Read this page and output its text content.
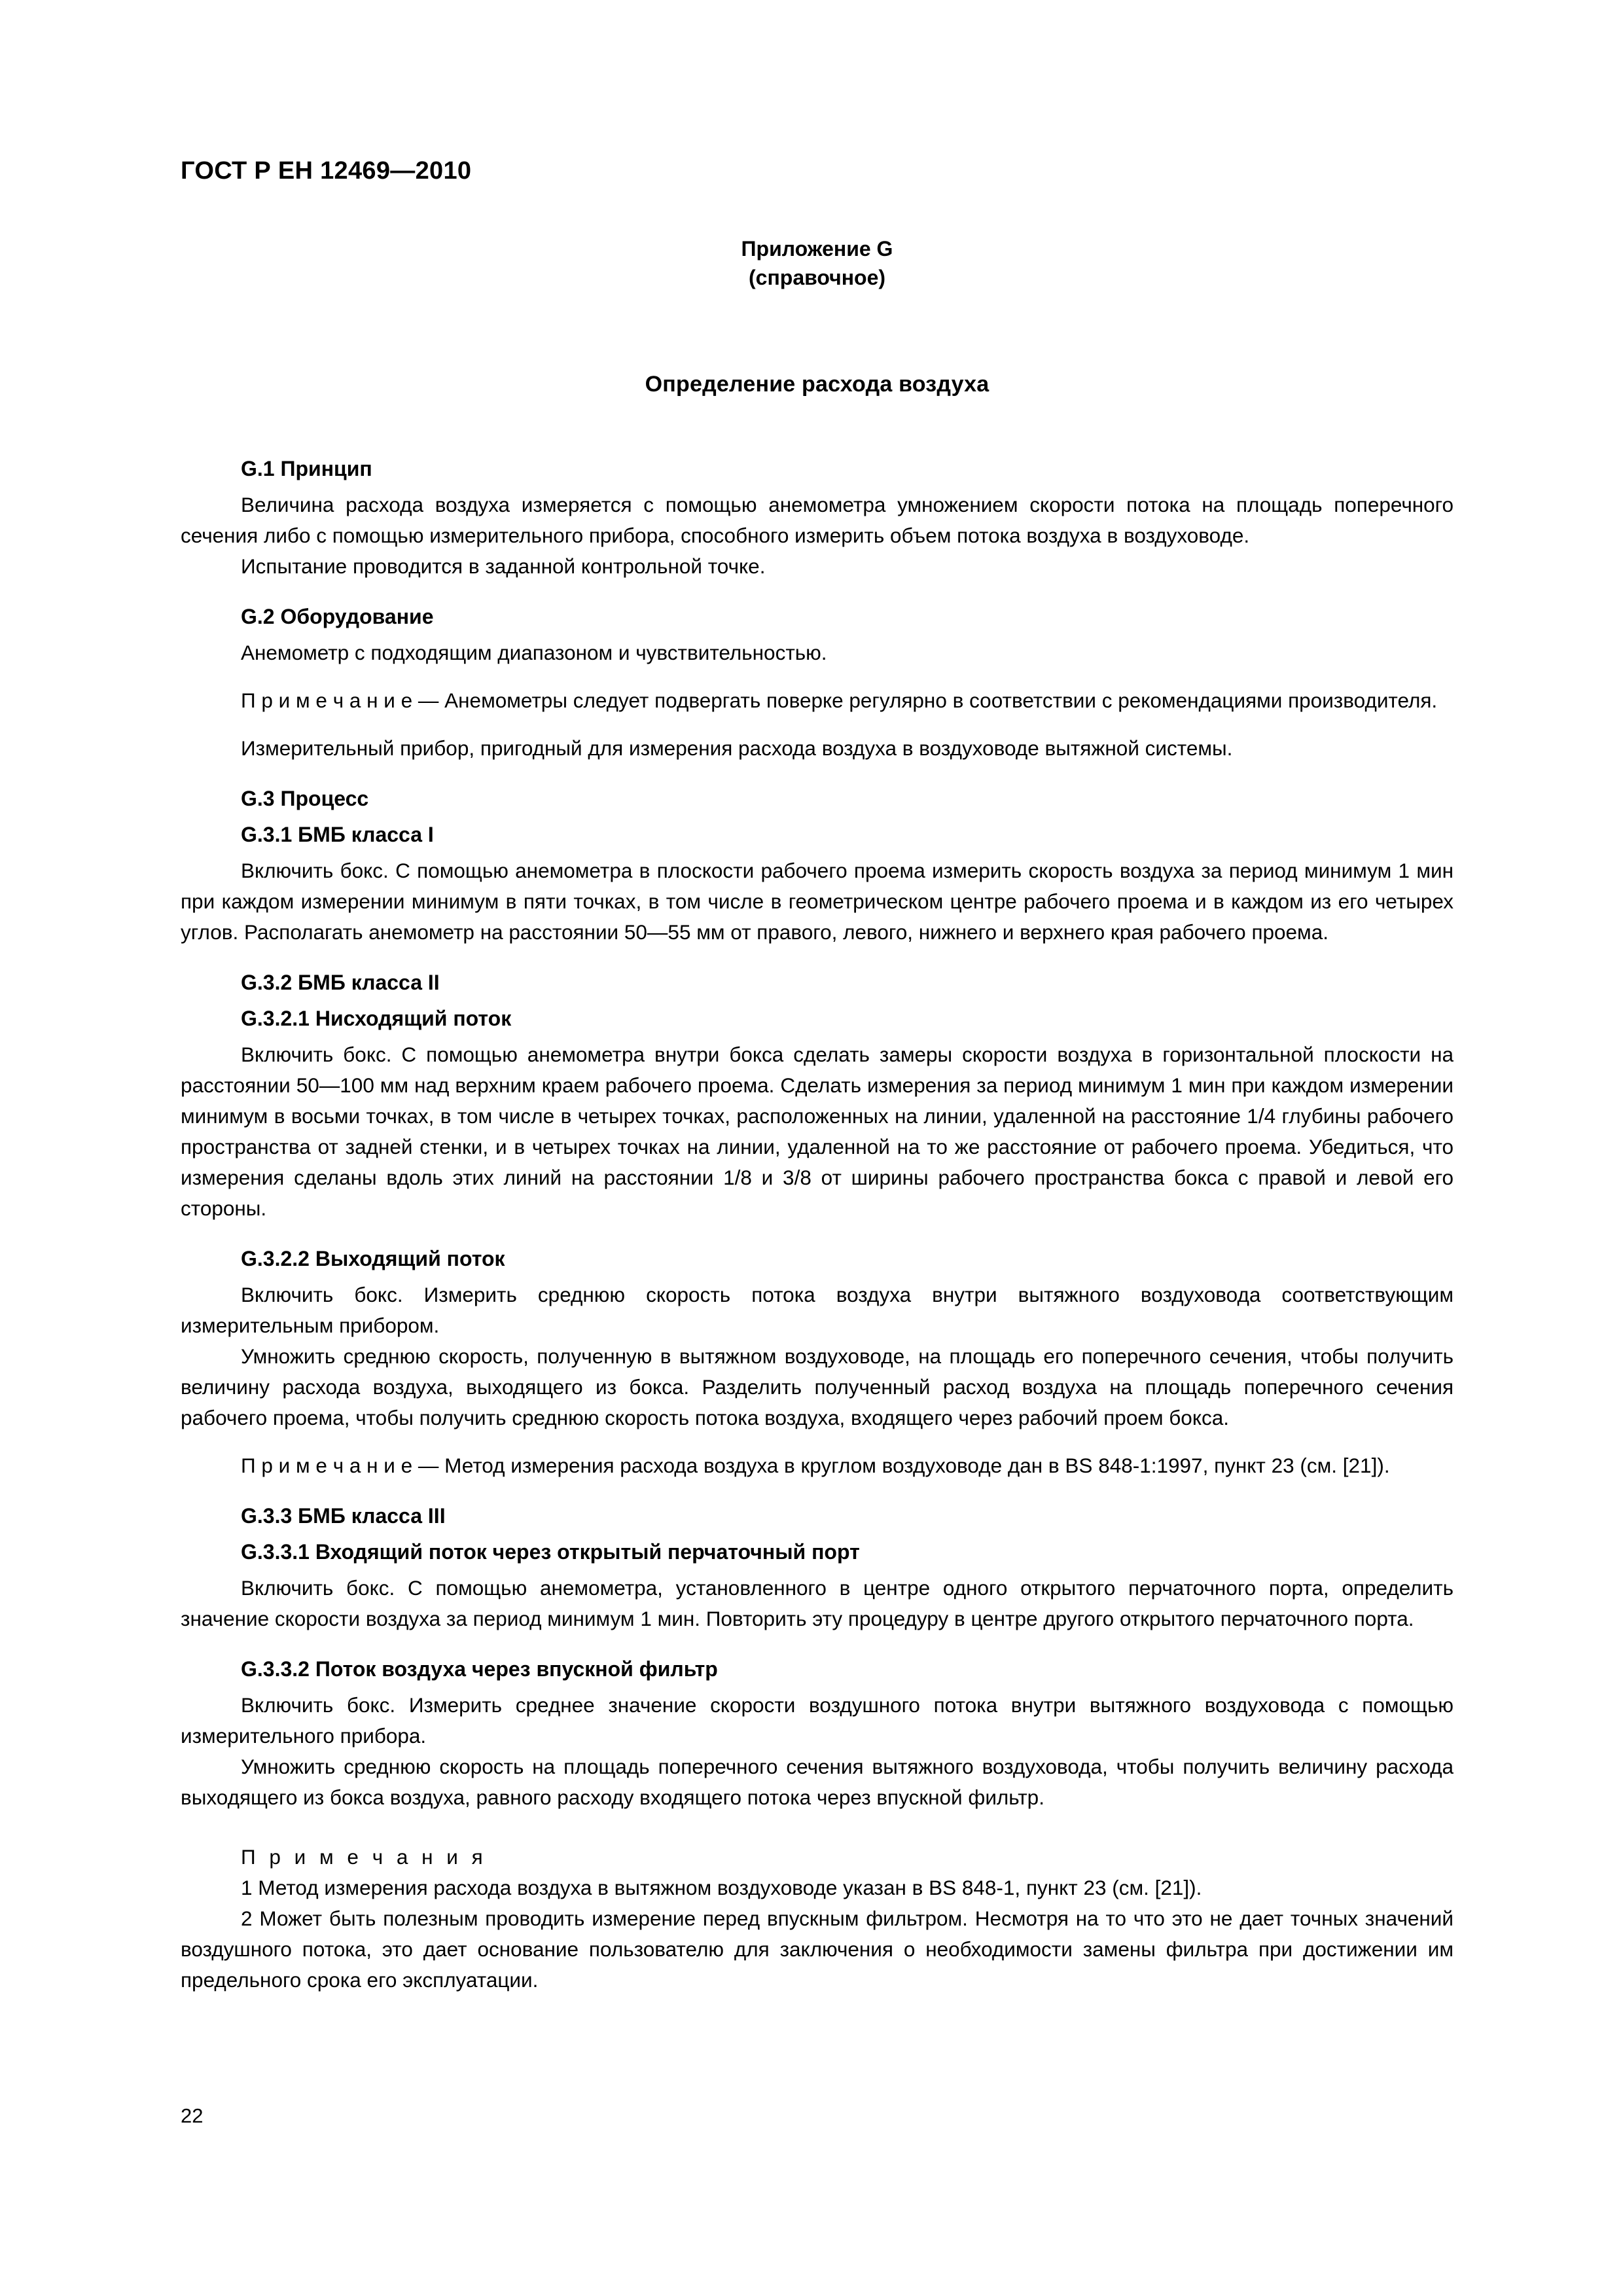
ГОСТ Р ЕН 12469—2010
Приложение G
(справочное)
Определение расхода воздуха
G.1 Принцип

Величина расхода воздуха измеряется с помощью анемометра умножением скорости потока на площадь поперечного сечения либо с помощью измерительного прибора, способного измерить объем потока воздуха в воздуховоде.

Испытание проводится в заданной контрольной точке.

G.2 Оборудование

Анемометр с подходящим диапазоном и чувствительностью.

П р и м е ч а н и е — Анемометры следует подвергать поверке регулярно в соответствии с рекомендациями производителя.

Измерительный прибор, пригодный для измерения расхода воздуха в воздуховоде вытяжной системы.

G.3 Процесс
G.3.1 БМБ класса I

Включить бокс. С помощью анемометра в плоскости рабочего проема измерить скорость воздуха за период минимум 1 мин при каждом измерении минимум в пяти точках, в том числе в геометрическом центре рабочего проема и в каждом из его четырех углов. Располагать анемометр на расстоянии 50—55 мм от правого, левого, нижнего и верхнего края рабочего проема.

G.3.2 БМБ класса II
G.3.2.1 Нисходящий поток

Включить бокс. С помощью анемометра внутри бокса сделать замеры скорости воздуха в горизонтальной плоскости на расстоянии 50—100 мм над верхним краем рабочего проема. Сделать измерения за период минимум 1 мин при каждом измерении минимум в восьми точках, в том числе в четырех точках, расположенных на линии, удаленной на расстояние 1/4 глубины рабочего пространства от задней стенки, и в четырех точках на линии, удаленной на то же расстояние от рабочего проема. Убедиться, что измерения сделаны вдоль этих линий на расстоянии 1/8 и 3/8 от ширины рабочего пространства бокса с правой и левой его стороны.

G.3.2.2 Выходящий поток

Включить бокс. Измерить среднюю скорость потока воздуха внутри вытяжного воздуховода соответствующим измерительным прибором.

Умножить среднюю скорость, полученную в вытяжном воздуховоде, на площадь его поперечного сечения, чтобы получить величину расхода воздуха, выходящего из бокса. Разделить полученный расход воздуха на площадь поперечного сечения рабочего проема, чтобы получить среднюю скорость потока воздуха, входящего через рабочий проем бокса.

П р и м е ч а н и е — Метод измерения расхода воздуха в круглом воздуховоде дан в BS 848-1:1997, пункт 23 (см. [21]).

G.3.3 БМБ класса III
G.3.3.1 Входящий поток через открытый перчаточный порт

Включить бокс. С помощью анемометра, установленного в центре одного открытого перчаточного порта, определить значение скорости воздуха за период минимум 1 мин. Повторить эту процедуру в центре другого открытого перчаточного порта.

G.3.3.2 Поток воздуха через впускной фильтр

Включить бокс. Измерить среднее значение скорости воздушного потока внутри вытяжного воздуховода с помощью измерительного прибора.

Умножить среднюю скорость на площадь поперечного сечения вытяжного воздуховода, чтобы получить величину расхода выходящего из бокса воздуха, равного расходу входящего потока через впускной фильтр.

П р и м е ч а н и я

1 Метод измерения расхода воздуха в вытяжном воздуховоде указан в BS 848-1, пункт 23 (см. [21]).

2 Может быть полезным проводить измерение перед впускным фильтром. Несмотря на то что это не дает точных значений воздушного потока, это дает основание пользователю для заключения о необходимости замены фильтра при достижении им предельного срока его эксплуатации.

22
